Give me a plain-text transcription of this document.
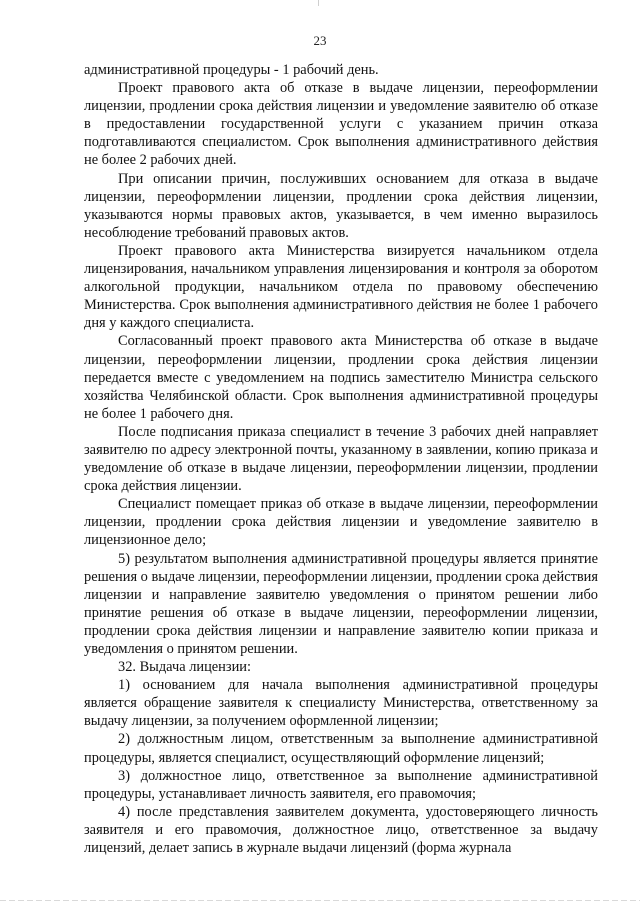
23

административной процедуры - 1 рабочий день.

Проект правового акта об отказе в выдаче лицензии, переоформлении лицензии, продлении срока действия лицензии и уведомление заявителю об отказе в предоставлении государственной услуги с указанием причин отказа подготавливаются специалистом. Срок выполнения административного действия не более 2 рабочих дней.

При описании причин, послуживших основанием для отказа в выдаче лицензии, переоформлении лицензии, продлении срока действия лицензии, указываются нормы правовых актов, указывается, в чем именно выразилось несоблюдение требований правовых актов.

Проект правового акта Министерства визируется начальником отдела лицензирования, начальником управления лицензирования и контроля за оборотом алкогольной продукции, начальником отдела по правовому обеспечению Министерства. Срок выполнения административного действия не более 1 рабочего дня у каждого специалиста.

Согласованный проект правового акта Министерства об отказе в выдаче лицензии, переоформлении лицензии, продлении срока действия лицензии передается вместе с уведомлением на подпись заместителю Министра сельского хозяйства Челябинской области. Срок выполнения административной процедуры не более 1 рабочего дня.

После подписания приказа специалист в течение 3 рабочих дней направляет заявителю по адресу электронной почты, указанному в заявлении, копию приказа и уведомление об отказе в выдаче лицензии, переоформлении лицензии, продлении срока действия лицензии.

Специалист помещает приказ об отказе в выдаче лицензии, переоформлении лицензии, продлении срока действия лицензии и уведомление заявителю в лицензионное дело;

5) результатом выполнения административной процедуры является принятие решения о выдаче лицензии, переоформлении лицензии, продлении срока действия лицензии и направление заявителю уведомления о принятом решении либо принятие решения об отказе в выдаче лицензии, переоформлении лицензии, продлении срока действия лицензии и направление заявителю копии приказа и уведомления о принятом решении.

32. Выдача лицензии:

1) основанием для начала выполнения административной процедуры является обращение заявителя к специалисту Министерства, ответственному за выдачу лицензии, за получением оформленной лицензии;

2) должностным лицом, ответственным за выполнение административной процедуры, является специалист, осуществляющий оформление лицензий;

3) должностное лицо, ответственное за выполнение административной процедуры, устанавливает личность заявителя, его правомочия;

4) после представления заявителем документа, удостоверяющего личность заявителя и его правомочия, должностное лицо, ответственное за выдачу лицензий, делает запись в журнале выдачи лицензий (форма журнала
